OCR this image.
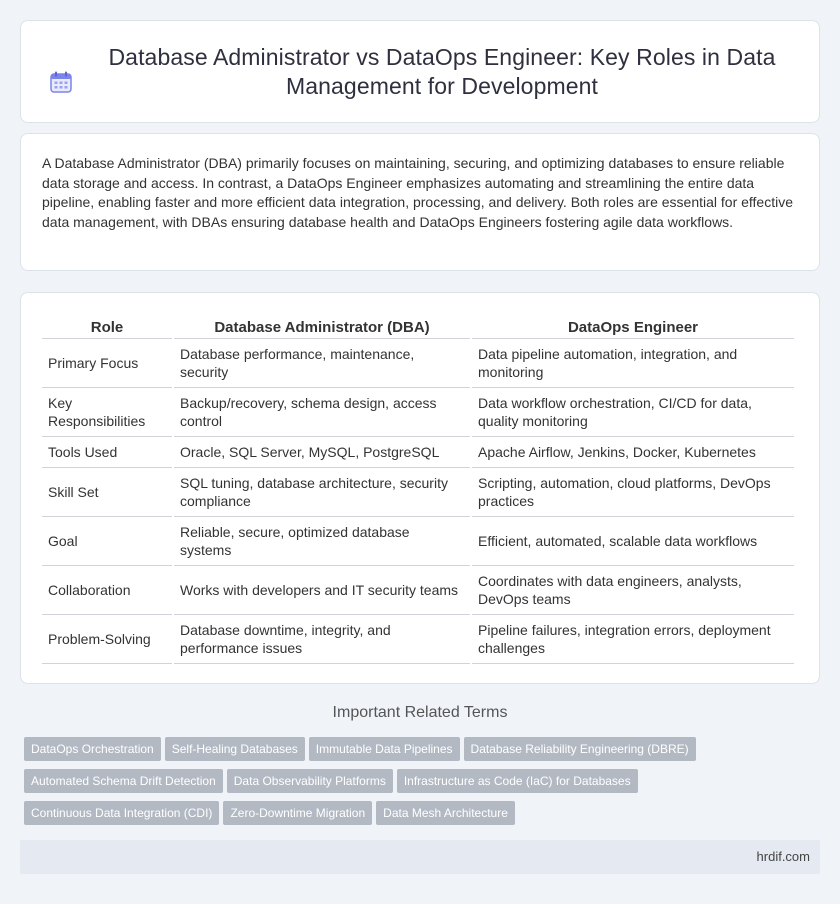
Database Administrator vs DataOps Engineer: Key Roles in Data Management for Development

A Database Administrator (DBA) primarily focuses on maintaining, securing, and optimizing databases to ensure reliable data storage and access. In contrast, a DataOps Engineer emphasizes automating and streamlining the entire data pipeline, enabling faster and more efficient data integration, processing, and delivery. Both roles are essential for effective data management, with DBAs ensuring database health and DataOps Engineers fostering agile data workflows.

Role	Database Administrator (DBA)	DataOps Engineer
Primary Focus	Database performance, maintenance, security	Data pipeline automation, integration, and monitoring
Key Responsibilities	Backup/recovery, schema design, access control	Data workflow orchestration, CI/CD for data, quality monitoring
Tools Used	Oracle, SQL Server, MySQL, PostgreSQL	Apache Airflow, Jenkins, Docker, Kubernetes
Skill Set	SQL tuning, database architecture, security compliance	Scripting, automation, cloud platforms, DevOps practices
Goal	Reliable, secure, optimized database systems	Efficient, automated, scalable data workflows
Collaboration	Works with developers and IT security teams	Coordinates with data engineers, analysts, DevOps teams
Problem-Solving	Database downtime, integrity, and performance issues	Pipeline failures, integration errors, deployment challenges
Important Related Terms
DataOps Orchestration Self-Healing Databases Immutable Data Pipelines Database Reliability Engineering (DBRE)
Automated Schema Drift Detection Data Observability Platforms Infrastructure as Code (IaC) for Databases
Continuous Data Integration (CDI) Zero-Downtime Migration Data Mesh Architecture
hrdif.com
